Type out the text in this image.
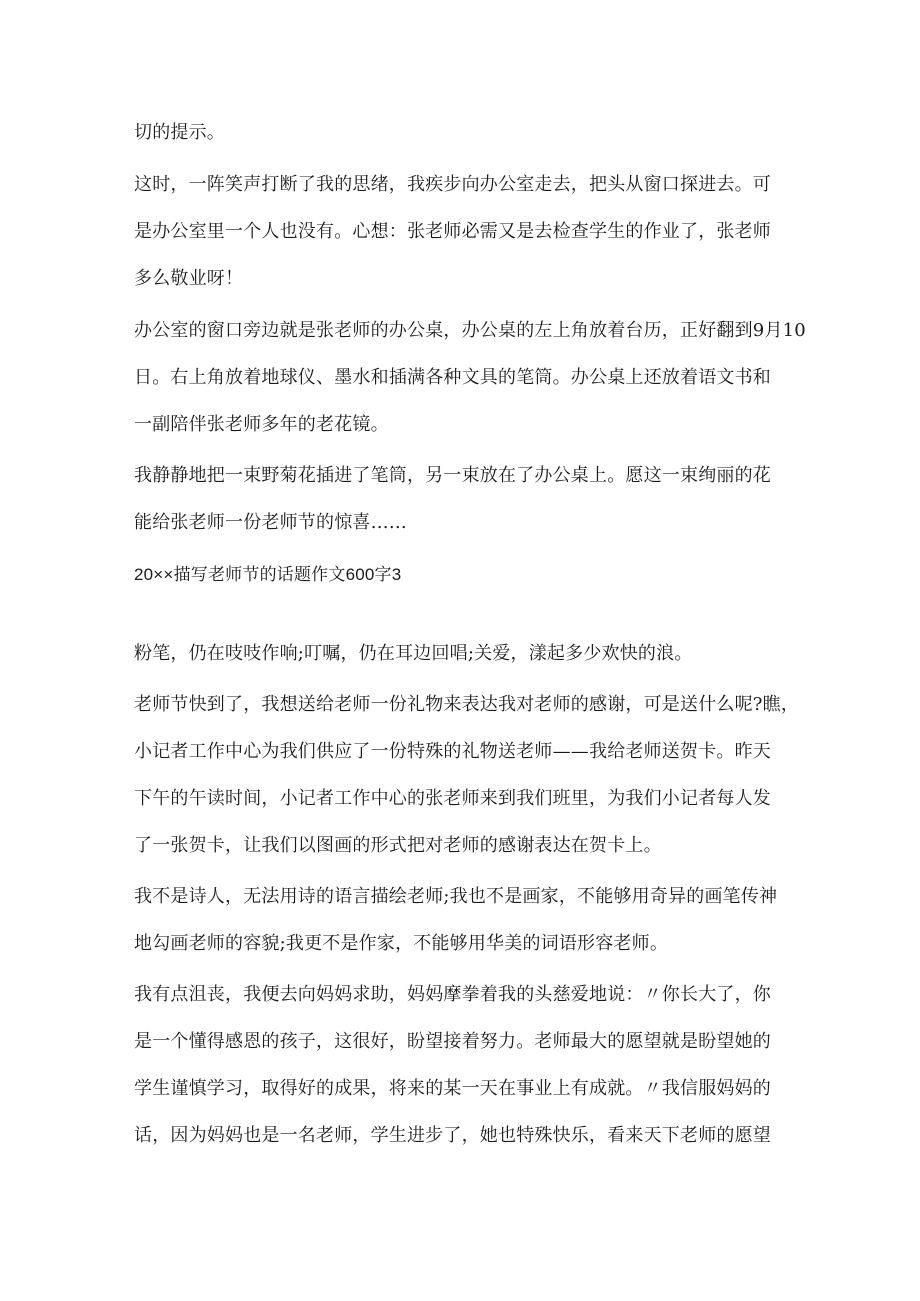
切的提示。
这时，一阵笑声打断了我的思绪，我疾步向办公室走去，把头从窗口探进去。可
是办公室里一个人也没有。心想：张老师必需又是去检查学生的作业了，张老师
多么敬业呀！
办公室的窗口旁边就是张老师的办公桌，办公桌的左上角放着台历，正好翻到9月10
日。右上角放着地球仪、墨水和插满各种文具的笔筒。办公桌上还放着语文书和
一副陪伴张老师多年的老花镜。
我静静地把一束野菊花插进了笔筒，另一束放在了办公桌上。愿这一束绚丽的花
能给张老师一份老师节的惊喜……
20××描写老师节的话题作文600字3
粉笔，仍在吱吱作响;叮嘱，仍在耳边回唱;关爱，漾起多少欢快的浪。
老师节快到了，我想送给老师一份礼物来表达我对老师的感谢，可是送什么呢?瞧，
小记者工作中心为我们供应了一份特殊的礼物送老师——我给老师送贺卡。昨天
下午的午读时间，小记者工作中心的张老师来到我们班里，为我们小记者每人发
了一张贺卡，让我们以图画的形式把对老师的感谢表达在贺卡上。
我不是诗人，无法用诗的语言描绘老师;我也不是画家，不能够用奇异的画笔传神
地勾画老师的容貌;我更不是作家，不能够用华美的词语形容老师。
我有点沮丧，我便去向妈妈求助，妈妈摩拳着我的头慈爱地说：〃你长大了，你
是一个懂得感恩的孩子，这很好，盼望接着努力。老师最大的愿望就是盼望她的
学生谨慎学习，取得好的成果，将来的某一天在事业上有成就。〃我信服妈妈的
话，因为妈妈也是一名老师，学生进步了，她也特殊快乐，看来天下老师的愿望
